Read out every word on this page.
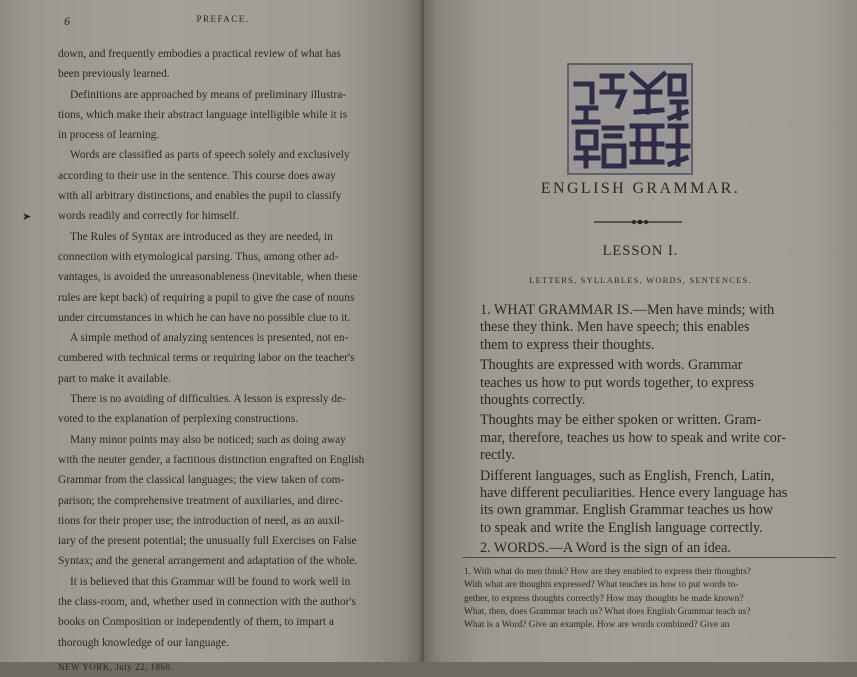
6	PREFACE.
down, and frequently embodies a practical review of what has
been previously learned.
Definitions are approached by means of preliminary illustra-
tions, which make their abstract language intelligible while it is
in process of learning.
Words are classified as parts of speech solely and exclusively
according to their use in the sentence. This course does away
with all arbitrary distinctions, and enables the pupil to classify
words readily and correctly for himself.
The Rules of Syntax are introduced as they are needed, in
connection with etymological parsing. Thus, among other ad-
vantages, is avoided the unreasonableness (inevitable, when these
rules are kept back) of requiring a pupil to give the case of nouns
under circumstances in which he can have no possible clue to it.
A simple method of analyzing sentences is presented, not en-
cumbered with technical terms or requiring labor on the teacher's
part to make it available.
There is no avoiding of difficulties. A lesson is expressly de-
voted to the explanation of perplexing constructions.
Many minor points may also be noticed; such as doing away
with the neuter gender, a factitious distinction engrafted on English
Grammar from the classical languages; the view taken of com-
parison; the comprehensive treatment of auxiliaries, and direc-
tions for their proper use; the introduction of need, as an auxil-
iary of the present potential; the unusually full Exercises on False
Syntax; and the general arrangement and adaptation of the whole.
It is believed that this Grammar will be found to work well in
the class-room, and, whether used in connection with the author's
books on Composition or independently of them, to impart a
thorough knowledge of our language.
NEW YORK, July 22, 1868.
➤
ENGLISH GRAMMAR.
LESSON I.
LETTERS, SYLLABLES, WORDS, SENTENCES.
1. WHAT GRAMMAR IS.—Men have minds; with
these they think. Men have speech; this enables
them to express their thoughts.
Thoughts are expressed with words. Grammar
teaches us how to put words together, to express
thoughts correctly.
Thoughts may be either spoken or written. Gram-
mar, therefore, teaches us how to speak and write cor-
rectly.
Different languages, such as English, French, Latin,
have different peculiarities. Hence every language has
its own grammar. English Grammar teaches us how
to speak and write the English language correctly.
2. WORDS.—A Word is the sign of an idea.
1. With what do men think? How are they enabled to express their thoughts?
With what are thoughts expressed? What teaches us how to put words to-
gether, to express thoughts correctly? How may thoughts be made known?
What, then, does Grammar teach us? What does English Grammar teach us?
What is a Word? Give an example. How are words combined? Give an
